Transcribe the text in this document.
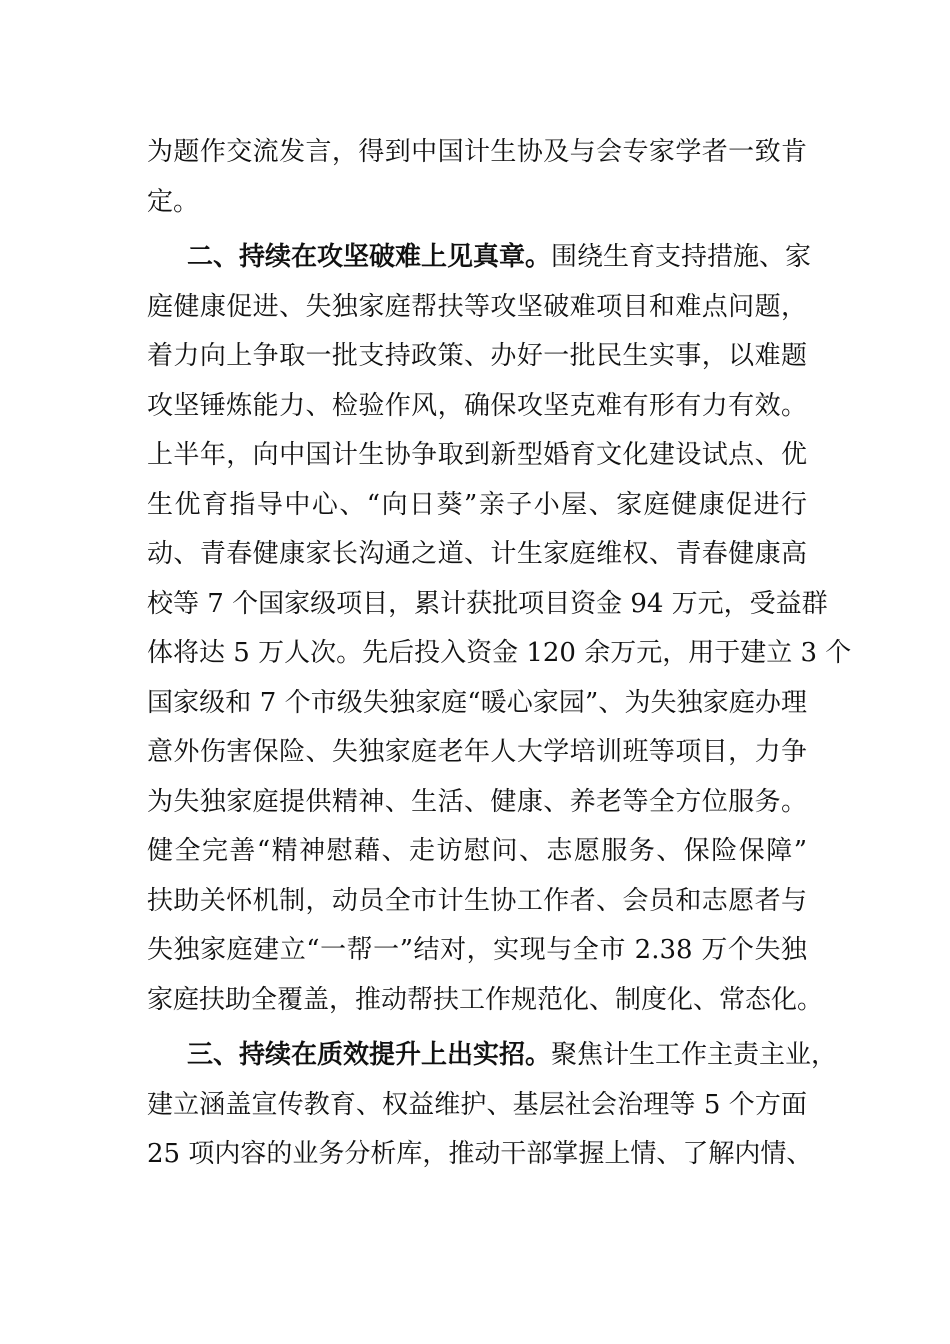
为题作交流发言，得到中国计生协及与会专家学者一致肯
定。
二、持续在攻坚破难上见真章。围绕生育支持措施、家
庭健康促进、失独家庭帮扶等攻坚破难项目和难点问题，
着力向上争取一批支持政策、办好一批民生实事，以难题
攻坚锤炼能力、检验作风，确保攻坚克难有形有力有效。
上半年，向中国计生协争取到新型婚育文化建设试点、优
生优育指导中心、“向日葵”亲子小屋、家庭健康促进行
动、青春健康家长沟通之道、计生家庭维权、青春健康高
校等 7 个国家级项目，累计获批项目资金 94 万元，受益群
体将达 5 万人次。先后投入资金 120 余万元，用于建立 3 个
国家级和 7 个市级失独家庭“暖心家园”、为失独家庭办理
意外伤害保险、失独家庭老年人大学培训班等项目，力争
为失独家庭提供精神、生活、健康、养老等全方位服务。
健全完善“精神慰藉、走访慰问、志愿服务、保险保障”
扶助关怀机制，动员全市计生协工作者、会员和志愿者与
失独家庭建立“一帮一”结对，实现与全市 2.38 万个失独
家庭扶助全覆盖，推动帮扶工作规范化、制度化、常态化。
三、持续在质效提升上出实招。聚焦计生工作主责主业，
建立涵盖宣传教育、权益维护、基层社会治理等 5 个方面
25 项内容的业务分析库，推动干部掌握上情、了解内情、
